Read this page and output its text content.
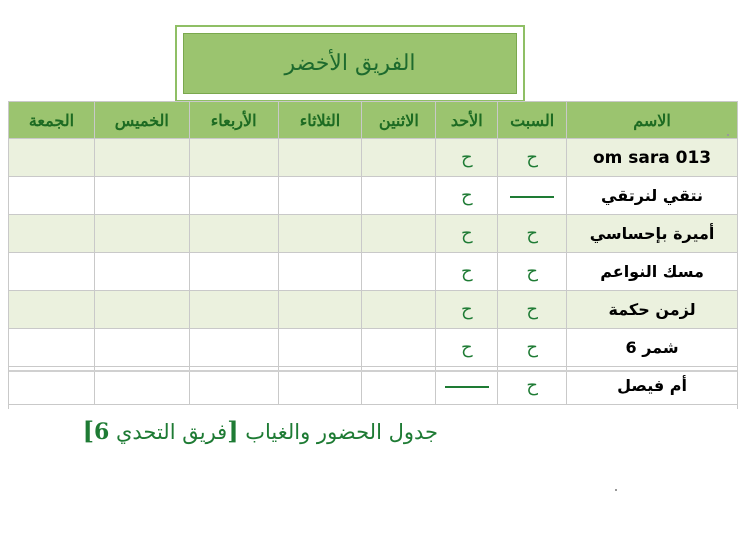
الفريق الأخضر
الجمعة	الخميس	الأربعاء	الثلاثاء	الاثنين	الأحد	السبت	الاسم
					ح	ح	om sara 013
					ح		نتقي لنرتقي
					ح	ح	أميرة بإحساسي
					ح	ح	مسك النواعم
					ح	ح	لزمن حكمة
					ح	ح	شمر 6
						ح	أم فيصل
جدول الحضور والغياب [فريق التحدي 6]
